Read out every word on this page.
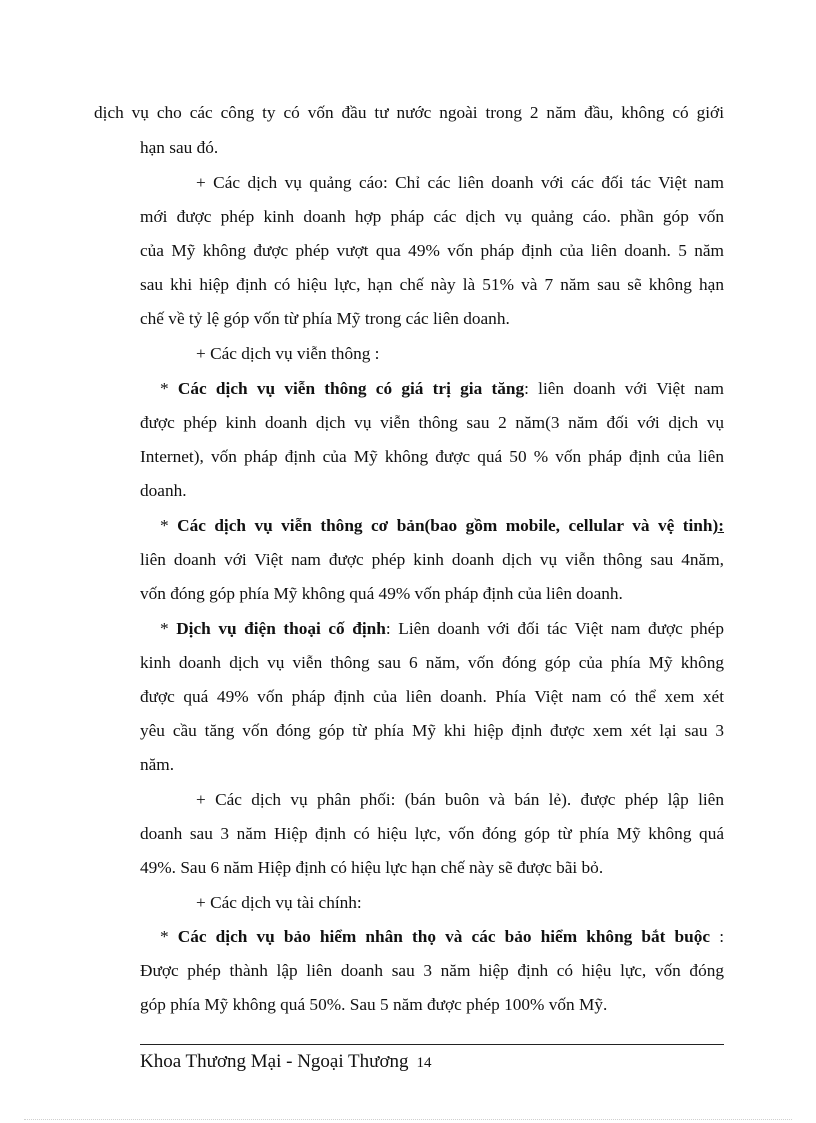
dịch vụ cho các công ty có vốn đầu tư nước ngoài trong 2 năm đầu, không có giới
hạn sau đó.
+ Các dịch vụ quảng cáo: Chỉ các liên doanh với các đối tác Việt nam
mới được phép kinh doanh hợp pháp các dịch vụ quảng cáo. phần góp vốn
của Mỹ không được phép vượt qua 49% vốn pháp định của liên doanh. 5 năm
sau khi hiệp định có hiệu lực, hạn chế này là 51% và 7 năm sau sẽ không hạn
chế về tỷ lệ góp vốn từ phía Mỹ trong các liên doanh.
+ Các dịch vụ viễn thông :
* Các dịch vụ viễn thông có giá trị gia tăng: liên doanh với Việt nam
được phép kinh doanh dịch vụ viễn thông sau 2 năm(3 năm đối với dịch vụ
Internet), vốn pháp định của Mỹ không được quá 50 % vốn pháp định của liên
doanh.
* Các dịch vụ viễn thông cơ bản(bao gồm mobile, cellular và vệ tinh):
liên doanh với Việt nam được phép kinh doanh dịch vụ viễn thông sau 4năm,
vốn đóng góp phía Mỹ không quá 49% vốn pháp định của liên doanh.
* Dịch vụ điện thoại cố định: Liên doanh với đối tác Việt nam được phép
kinh doanh dịch vụ viễn thông sau 6 năm, vốn đóng góp của phía Mỹ không
được quá 49% vốn pháp định của liên doanh. Phía Việt nam có thể xem xét
yêu cầu tăng vốn đóng góp từ phía Mỹ khi hiệp định được xem xét lại sau 3
năm.
+ Các dịch vụ phân phối: (bán buôn và bán lẻ). được phép lập liên
doanh sau 3 năm Hiệp định có hiệu lực, vốn đóng góp từ phía Mỹ không quá
49%. Sau 6 năm Hiệp định có hiệu lực hạn chế này sẽ được bãi bỏ.
+ Các dịch vụ tài chính:
* Các dịch vụ bảo hiểm nhân thọ và các bảo hiểm không bắt buộc :
Được phép thành lập liên doanh sau 3 năm hiệp định có hiệu lực, vốn đóng
góp phía Mỹ không quá 50%. Sau 5 năm được phép 100% vốn Mỹ.
Khoa Thương Mại - Ngoại Thương 14
